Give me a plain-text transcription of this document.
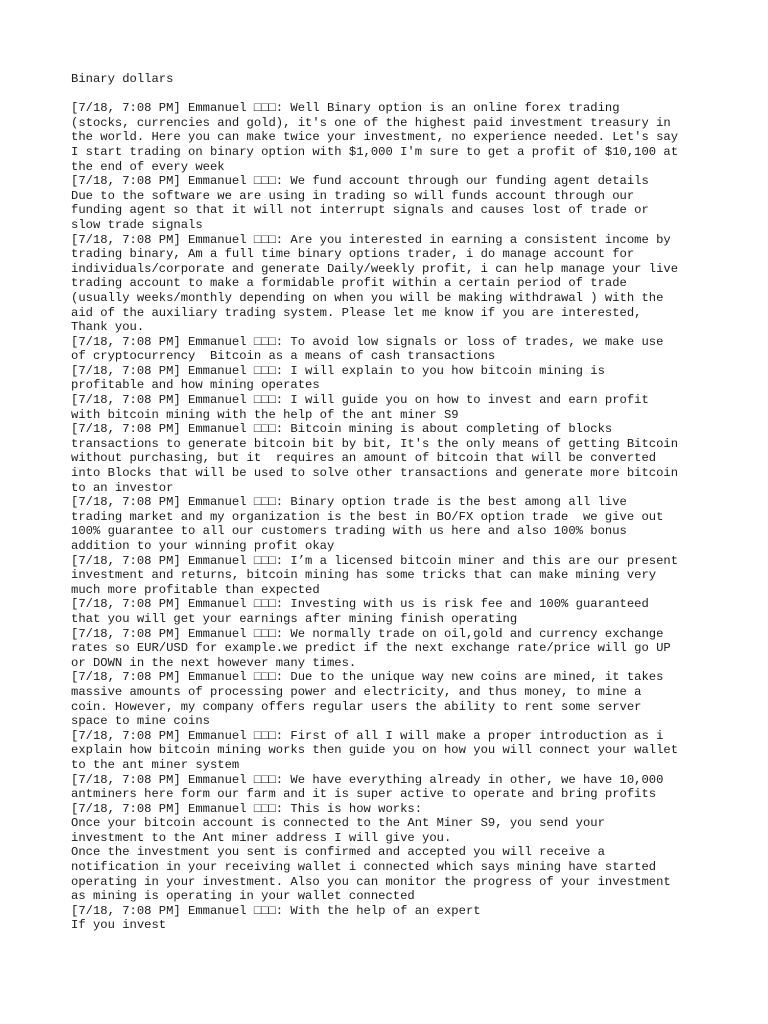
Binary dollars
[7/18, 7:08 PM] Emmanuel □□□: Well Binary option is an online forex trading
(stocks, currencies and gold), it's one of the highest paid investment treasury in
the world. Here you can make twice your investment, no experience needed. Let's say
I start trading on binary option with $1,000 I'm sure to get a profit of $10,100 at
the end of every week
[7/18, 7:08 PM] Emmanuel □□□: We fund account through our funding agent details
Due to the software we are using in trading so will funds account through our
funding agent so that it will not interrupt signals and causes lost of trade or
slow trade signals
[7/18, 7:08 PM] Emmanuel □□□: Are you interested in earning a consistent income by
trading binary, Am a full time binary options trader, i do manage account for
individuals/corporate and generate Daily/weekly profit, i can help manage your live
trading account to make a formidable profit within a certain period of trade
(usually weeks/monthly depending on when you will be making withdrawal ) with the
aid of the auxiliary trading system. Please let me know if you are interested,
Thank you.
[7/18, 7:08 PM] Emmanuel □□□: To avoid low signals or loss of trades, we make use
of cryptocurrency  Bitcoin as a means of cash transactions
[7/18, 7:08 PM] Emmanuel □□□: I will explain to you how bitcoin mining is
profitable and how mining operates
[7/18, 7:08 PM] Emmanuel □□□: I will guide you on how to invest and earn profit
with bitcoin mining with the help of the ant miner S9
[7/18, 7:08 PM] Emmanuel □□□: Bitcoin mining is about completing of blocks
transactions to generate bitcoin bit by bit, It's the only means of getting Bitcoin
without purchasing, but it  requires an amount of bitcoin that will be converted
into Blocks that will be used to solve other transactions and generate more bitcoin
to an investor
[7/18, 7:08 PM] Emmanuel □□□: Binary option trade is the best among all live
trading market and my organization is the best in BO/FX option trade  we give out
100% guarantee to all our customers trading with us here and also 100% bonus
addition to your winning profit okay
[7/18, 7:08 PM] Emmanuel □□□: I’m a licensed bitcoin miner and this are our present
investment and returns, bitcoin mining has some tricks that can make mining very
much more profitable than expected
[7/18, 7:08 PM] Emmanuel □□□: Investing with us is risk fee and 100% guaranteed
that you will get your earnings after mining finish operating
[7/18, 7:08 PM] Emmanuel □□□: We normally trade on oil,gold and currency exchange
rates so EUR/USD for example.we predict if the next exchange rate/price will go UP
or DOWN in the next however many times.
[7/18, 7:08 PM] Emmanuel □□□: Due to the unique way new coins are mined, it takes
massive amounts of processing power and electricity, and thus money, to mine a
coin. However, my company offers regular users the ability to rent some server
space to mine coins
[7/18, 7:08 PM] Emmanuel □□□: First of all I will make a proper introduction as i
explain how bitcoin mining works then guide you on how you will connect your wallet
to the ant miner system
[7/18, 7:08 PM] Emmanuel □□□: We have everything already in other, we have 10,000
antminers here form our farm and it is super active to operate and bring profits
[7/18, 7:08 PM] Emmanuel □□□: This is how works:
Once your bitcoin account is connected to the Ant Miner S9, you send your
investment to the Ant miner address I will give you.
Once the investment you sent is confirmed and accepted you will receive a
notification in your receiving wallet i connected which says mining have started
operating in your investment. Also you can monitor the progress of your investment
as mining is operating in your wallet connected
[7/18, 7:08 PM] Emmanuel □□□: With the help of an expert
If you invest
